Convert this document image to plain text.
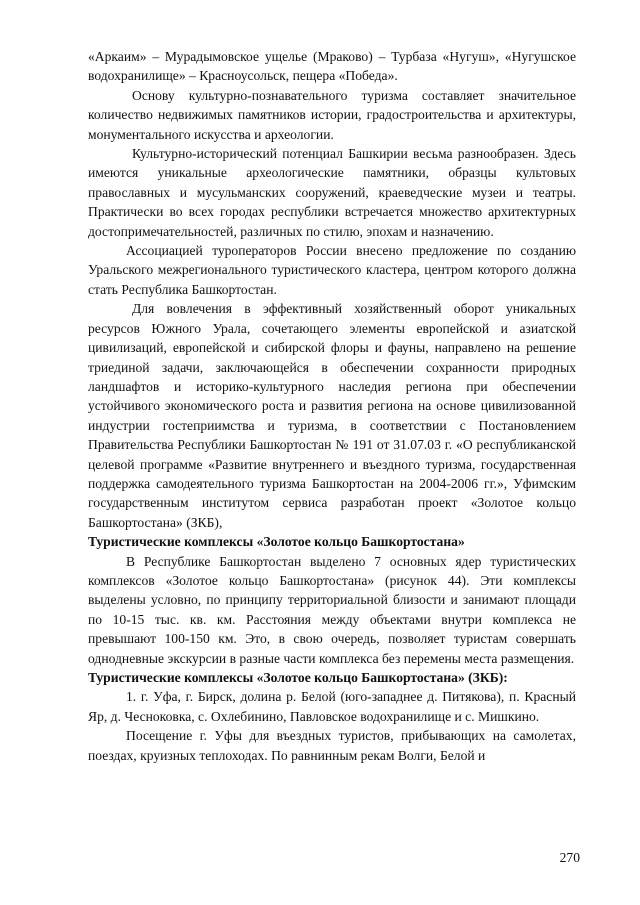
«Аркаим» – Мурадымовское ущелье (Мраково) – Турбаза «Нугуш», «Нугушское водохранилище» – Красноусольск, пещера «Победа».

Основу культурно-познавательного туризма составляет значительное количество недвижимых памятников истории, градостроительства и архитектуры, монументального искусства и археологии.

Культурно-исторический потенциал Башкирии весьма разнообразен. Здесь имеются уникальные археологические памятники, образцы культовых православных и мусульманских сооружений, краеведческие музеи и театры. Практически во всех городах республики встречается множество архитектурных достопримечательностей, различных по стилю, эпохам и назначению.

Ассоциацией туроператоров России внесено предложение по созданию Уральского межрегионального туристического кластера, центром которого должна стать Республика Башкортостан.

Для вовлечения в эффективный хозяйственный оборот уникальных ресурсов Южного Урала, сочетающего элементы европейской и азиатской цивилизаций, европейской и сибирской флоры и фауны, направлено на решение триединой задачи, заключающейся в обеспечении сохранности природных ландшафтов и историко-культурного наследия региона при обеспечении устойчивого экономического роста и развития региона на основе цивилизованной индустрии гостеприимства и туризма, в соответствии с Постановлением Правительства Республики Башкортостан № 191 от 31.07.03 г. «О республиканской целевой программе «Развитие внутреннего и въездного туризма, государственная поддержка самодеятельного туризма Башкортостан на 2004-2006 гг.», Уфимским государственным институтом сервиса разработан проект «Золотое кольцо Башкортостана» (ЗКБ),

Туристические комплексы «Золотое кольцо Башкортостана»

В Республике Башкортостан выделено 7 основных ядер туристических комплексов «Золотое кольцо Башкортостана» (рисунок 44). Эти комплексы выделены условно, по принципу территориальной близости и занимают площади по 10-15 тыс. кв. км. Расстояния между объектами внутри комплекса не превышают 100-150 км. Это, в свою очередь, позволяет туристам совершать однодневные экскурсии в разные части комплекса без перемены места размещения.

Туристические комплексы «Золотое кольцо Башкортостана» (ЗКБ):

1. г. Уфа, г. Бирск, долина р. Белой (юго-западнее д. Питякова), п. Красный Яр, д. Чесноковка, с. Охлебинино, Павловское водохранилище и с. Мишкино.

Посещение г. Уфы для въездных туристов, прибывающих на самолетах, поездах, круизных теплоходах. По равнинным рекам Волги, Белой и

270
